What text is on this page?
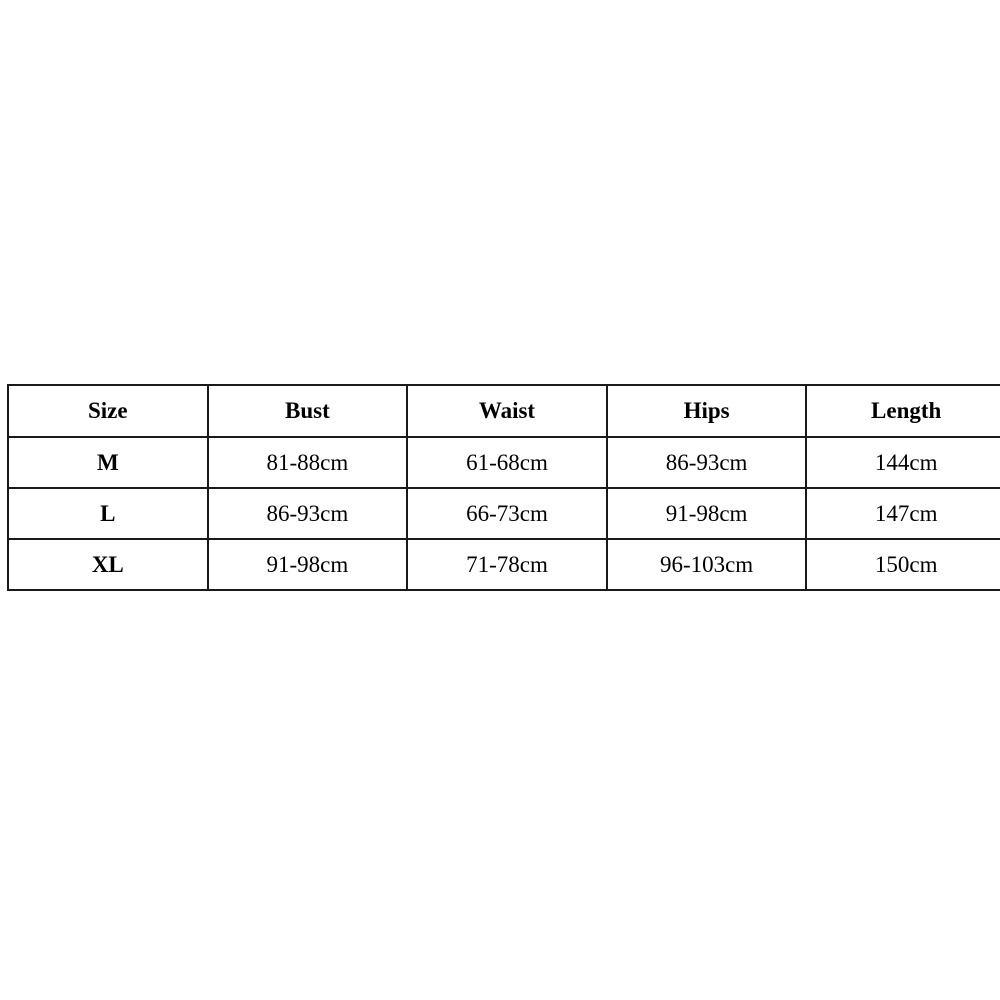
Size	Bust	Waist	Hips	Length
M	81-88cm	61-68cm	86-93cm	144cm
L	86-93cm	66-73cm	91-98cm	147cm
XL	91-98cm	71-78cm	96-103cm	150cm
